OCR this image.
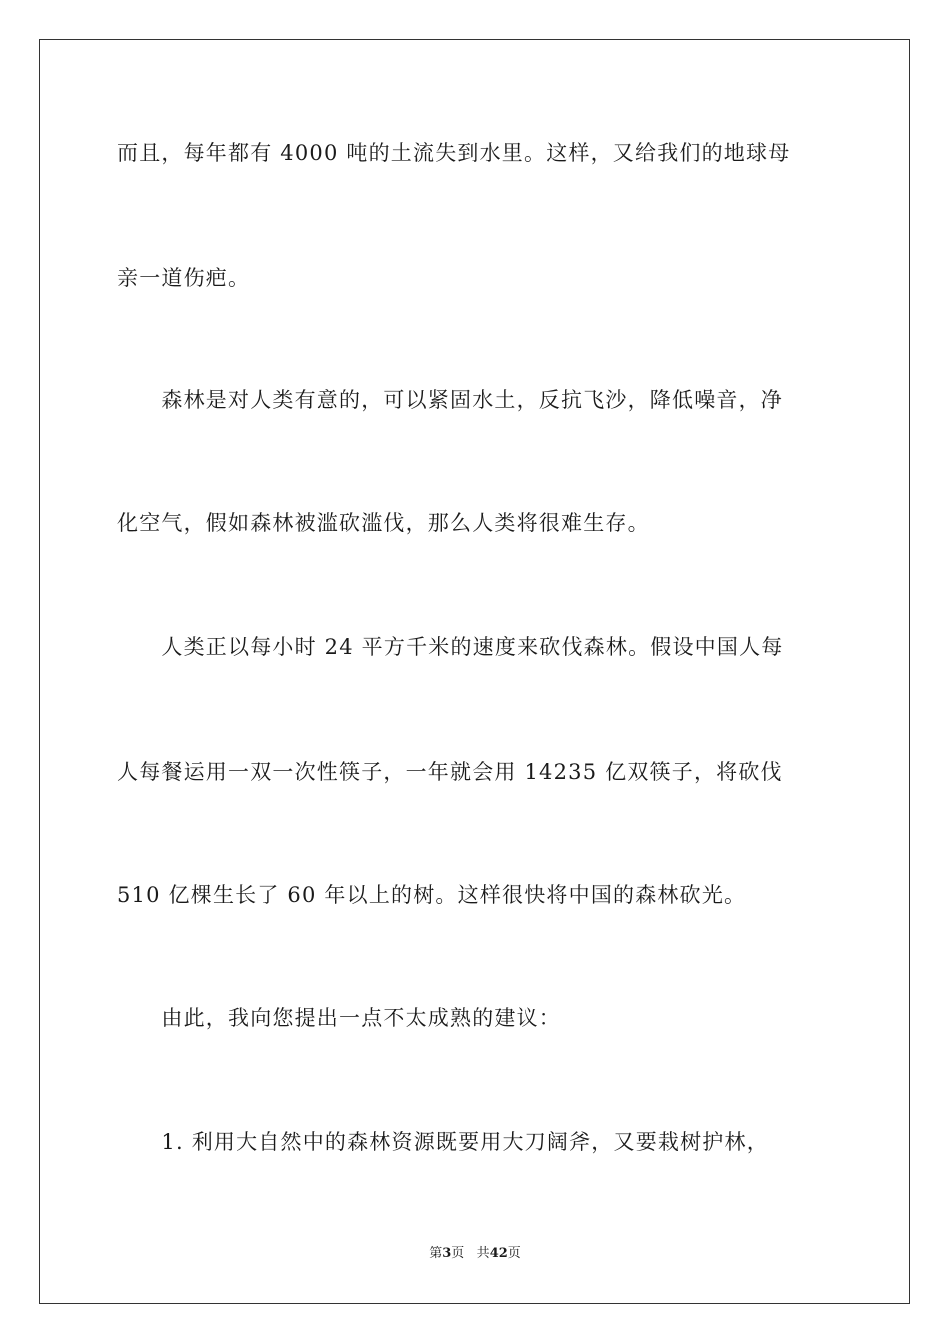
而且，每年都有 4000 吨的土流失到水里。这样，又给我们的地球母
亲一道伤疤。
　　森林是对人类有意的，可以紧固水土，反抗飞沙，降低噪音，净
化空气，假如森林被滥砍滥伐，那么人类将很难生存。
　　人类正以每小时 24 平方千米的速度来砍伐森林。假设中国人每
人每餐运用一双一次性筷子，一年就会用 14235 亿双筷子，将砍伐
510 亿棵生长了 60 年以上的树。这样很快将中国的森林砍光。
　　由此，我向您提出一点不太成熟的建议：
　　1. 利用大自然中的森林资源既要用大刀阔斧，又要栽树护林，
第3页 共42页
